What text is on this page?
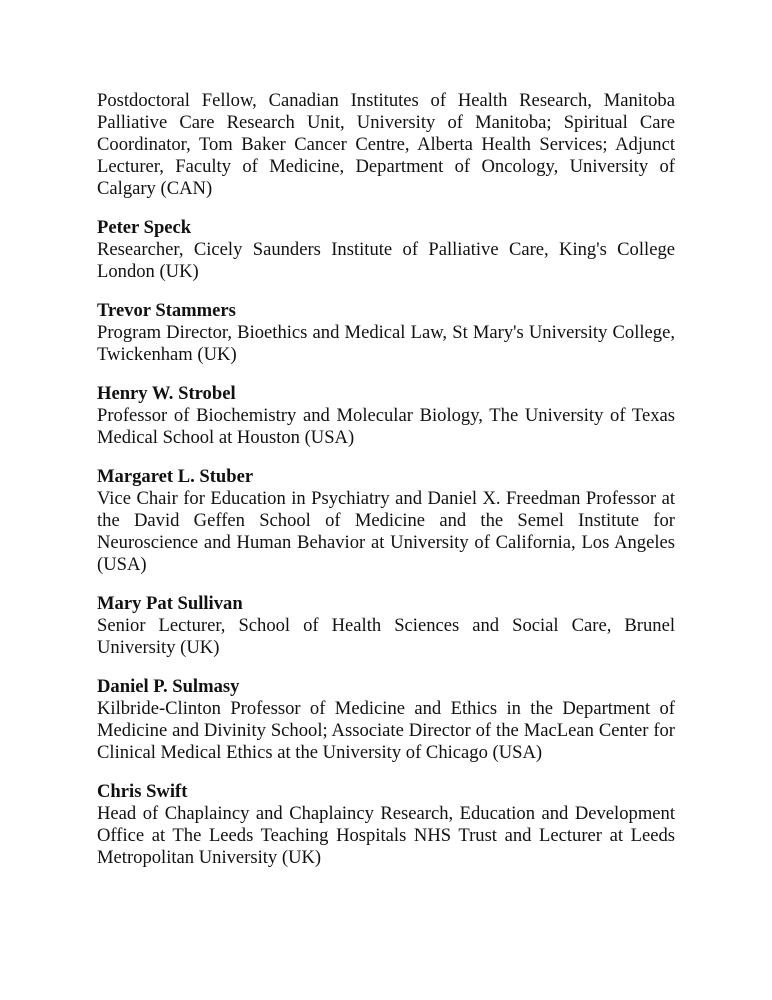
Postdoctoral Fellow, Canadian Institutes of Health Research, Manitoba Palliative Care Research Unit, University of Manitoba; Spiritual Care Coordinator, Tom Baker Cancer Centre, Alberta Health Services; Adjunct Lecturer, Faculty of Medicine, Department of Oncology, University of Calgary (CAN)

Peter Speck
Researcher, Cicely Saunders Institute of Palliative Care, King's College London (UK)
Trevor Stammers
Program Director, Bioethics and Medical Law, St Mary's University College, Twickenham (UK)
Henry W. Strobel
Professor of Biochemistry and Molecular Biology, The University of Texas Medical School at Houston (USA)
Margaret L. Stuber
Vice Chair for Education in Psychiatry and Daniel X. Freedman Professor at the David Geffen School of Medicine and the Semel Institute for Neuroscience and Human Behavior at University of California, Los Angeles (USA)
Mary Pat Sullivan
Senior Lecturer, School of Health Sciences and Social Care, Brunel University (UK)
Daniel P. Sulmasy
Kilbride-Clinton Professor of Medicine and Ethics in the Department of Medicine and Divinity School; Associate Director of the MacLean Center for Clinical Medical Ethics at the University of Chicago (USA)
Chris Swift
Head of Chaplaincy and Chaplaincy Research, Education and Development Office at The Leeds Teaching Hospitals NHS Trust and Lecturer at Leeds Metropolitan University (UK)
